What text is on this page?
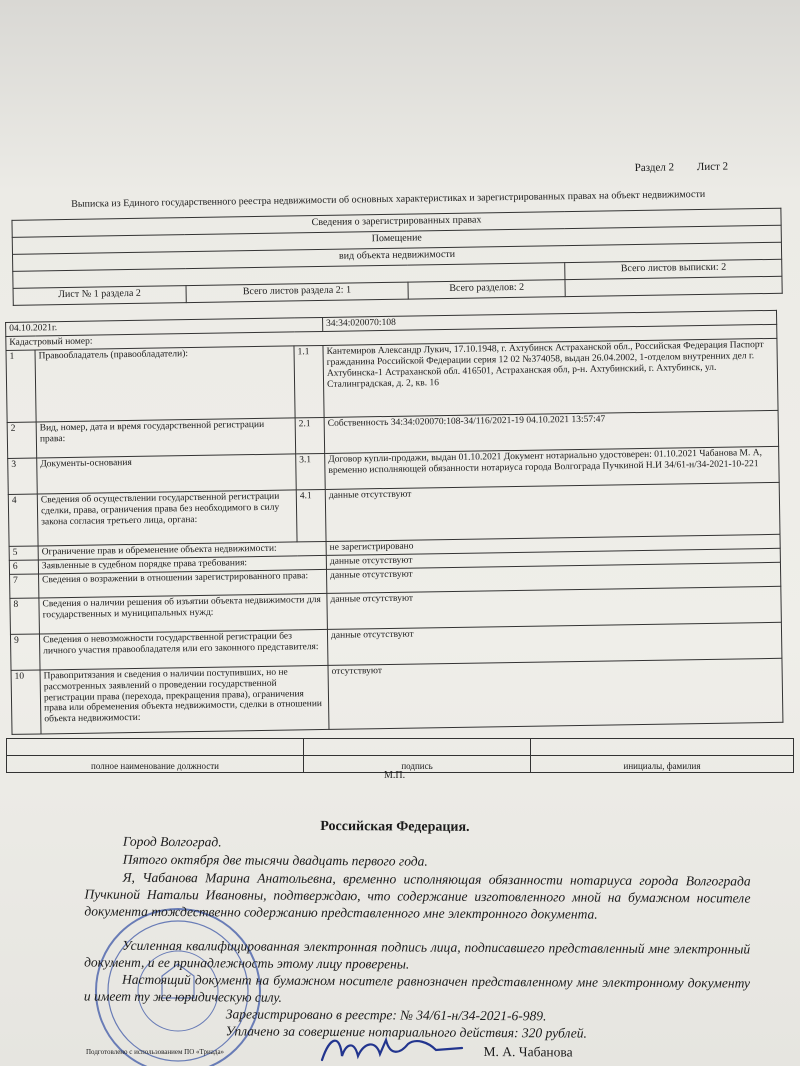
Раздел 2 Лист 2
Выписка из Единого государственного реестра недвижимости об основных характеристиках и зарегистрированных правах на объект недвижимости
Сведения о зарегистрированных правах			
Помещение			
вид объекта недвижимости			
			Всего листов выписки: 2
Лист № 1 раздела 2	Всего листов раздела 2: 1	Всего разделов: 2	
04.10.2021г.			34:34:020070:108
Кадастровый номер:			
1	Правообладатель (правообладатели):	1.1	Кантемиров Александр Лукич, 17.10.1948, г. Ахтубинск Астраханской обл., Российская Федерация Паспорт гражданина Российской Федерации серия 12 02 №374058, выдан 26.04.2002, 1-отделом внутренних дел г. Ахтубинска-1 Астраханской обл. 416501, Астраханская обл, р-н. Ахтубинский, г. Ахтубинск, ул. Сталинградская, д. 2, кв. 16
2	Вид, номер, дата и время государственной регистрации права:	2.1	Собственность 34:34:020070:108-34/116/2021-19 04.10.2021 13:57:47
3	Документы-основания	3.1	Договор купли-продажи, выдан 01.10.2021 Документ нотариально удостоверен: 01.10.2021 Чабанова М. А, временно исполняющей обязанности нотариуса города Волгограда Пучкиной Н.И 34/61-н/34-2021-10-221
4	Сведения об осуществлении государственной регистрации сделки, права, ограничения права без необходимого в силу закона согласия третьего лица, органа:	4.1	данные отсутствуют
5	Ограничение прав и обременение объекта недвижимости:		не зарегистрировано
6	Заявленные в судебном порядке права требования:		данные отсутствуют
7	Сведения о возражении в отношении зарегистрированного права:		данные отсутствуют
8	Сведения о наличии решения об изъятии объекта недвижимости для государственных и муниципальных нужд:		данные отсутствуют
9	Сведения о невозможности государственной регистрации без личного участия правообладателя или его законного представителя:		данные отсутствуют
10	Правопритязания и сведения о наличии поступивших, но не рассмотренных заявлений о проведении государственной регистрации права (перехода, прекращения права), ограничения права или обременения объекта недвижимости, сделки в отношении объекта недвижимости:		отсутствуют

полное наименование должности	подпись	инициалы, фамилия
М.П.
Российская Федерация.

Город Волгоград.

Пятого октября две тысячи двадцать первого года.

Я, Чабанова Марина Анатольевна, временно исполняющая обязанности нотариуса города Волгограда Пучкиной Натальи Ивановны, подтверждаю, что содержание изготовленного мной на бумажном носителе документа тождественно содержанию представленного мне электронного документа.

Усиленная квалифицированная электронная подпись лица, подписавшего представленный мне электронный документ, и ее принадлежность этому лицу проверены.

Настоящий документ на бумажном носителе равнозначен представленному мне электронному документу и имеет ту же юридическую силу.

Зарегистрировано в реестре: № 34/61-н/34-2021-6-989.

Уплачено за совершение нотариального действия: 320 рублей.

М. А. Чабанова

Подготовлено с использованием ПО «Триада»
